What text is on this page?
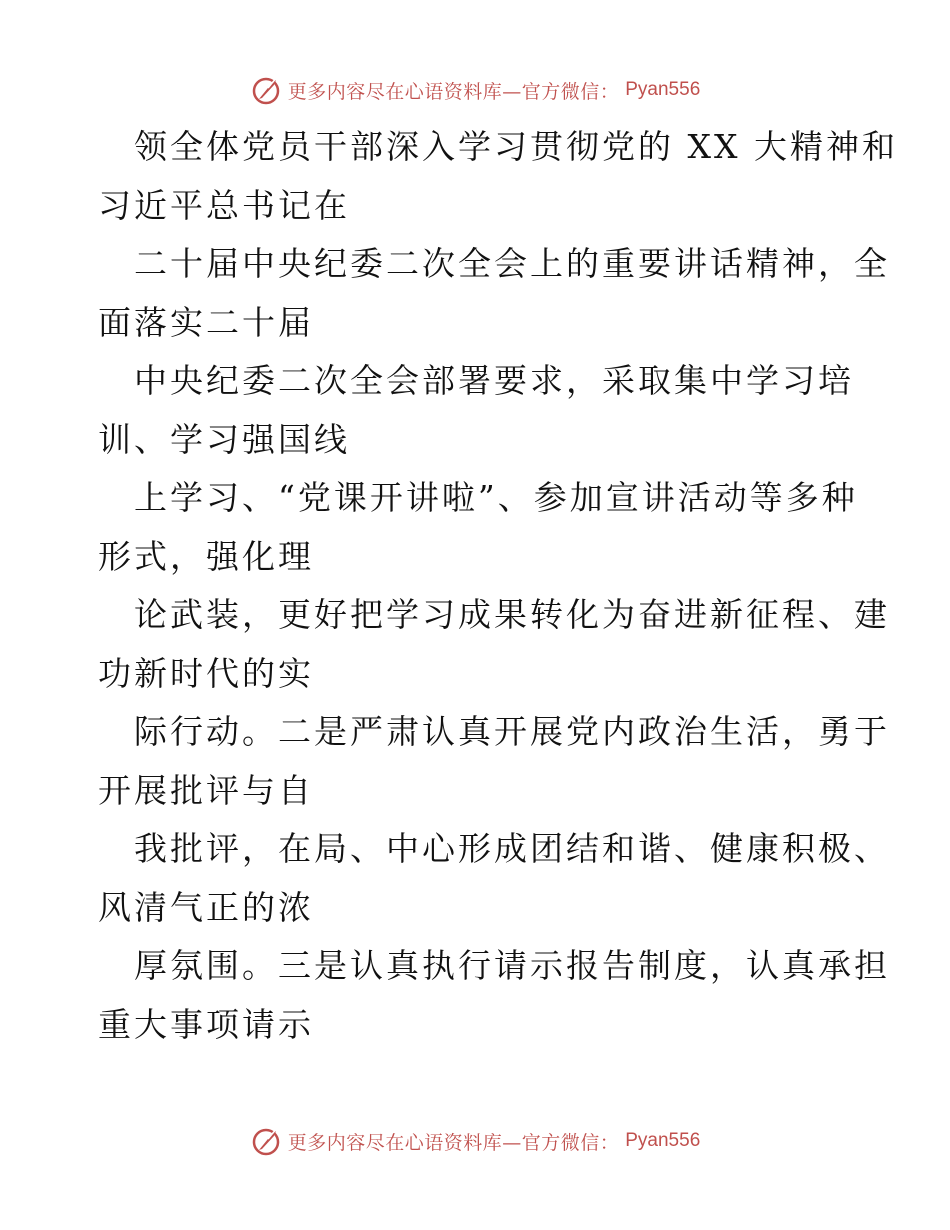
更多内容尽在心语资料库—官方微信： Pyan556
领全体党员干部深入学习贯彻党的 XX 大精神和
习近平总书记在
二十届中央纪委二次全会上的重要讲话精神，全
面落实二十届
中央纪委二次全会部署要求，采取集中学习培
训、学习强国线
上学习、“党课开讲啦”、参加宣讲活动等多种
形式，强化理
论武装，更好把学习成果转化为奋进新征程、建
功新时代的实
际行动。二是严肃认真开展党内政治生活，勇于
开展批评与自
我批评，在局、中心形成团结和谐、健康积极、
风清气正的浓
厚氛围。三是认真执行请示报告制度，认真承担
重大事项请示
更多内容尽在心语资料库—官方微信： Pyan556
